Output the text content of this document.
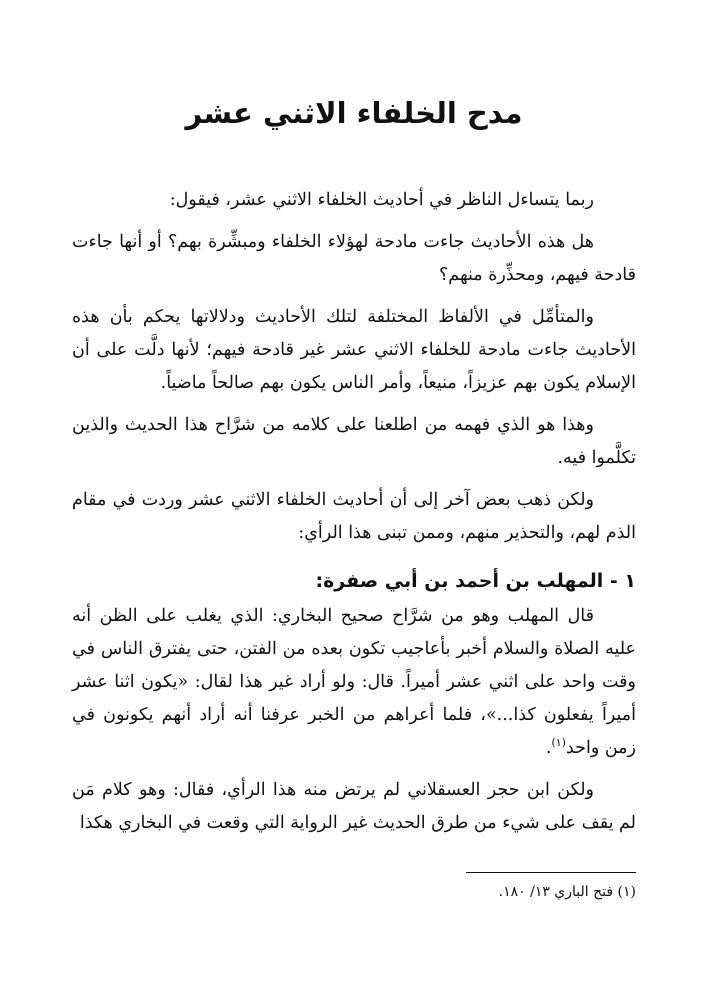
مدح الخلفاء الاثني عشر

ربما يتساءل الناظر في أحاديث الخلفاء الاثني عشر، فيقول:

هل هذه الأحاديث جاءت مادحة لهؤلاء الخلفاء ومبشِّرة بهم؟ أو أنها جاءت قادحة فيهم، ومحذِّرة منهم؟

والمتأمِّل في الألفاظ المختلفة لتلك الأحاديث ودلالاتها يحكم بأن هذه الأحاديث جاءت مادحة للخلفاء الاثني عشر غير قادحة فيهم؛ لأنها دلَّت على أن الإسلام يكون بهم عزيزاً، منيعاً، وأمر الناس يكون بهم صالحاً ماضياً.

وهذا هو الذي فهمه من اطلعنا على كلامه من شرَّاح هذا الحديث والذين تكلَّموا فيه.

ولكن ذهب بعض آخر إلى أن أحاديث الخلفاء الاثني عشر وردت في مقام الذم لهم، والتحذير منهم، وممن تبنى هذا الرأي:

١ - المهلب بن أحمد بن أبي صفرة:

قال المهلب وهو من شرَّاح صحيح البخاري: الذي يغلب على الظن أنه عليه الصلاة والسلام أخبر بأعاجيب تكون بعده من الفتن، حتى يفترق الناس في وقت واحد على اثني عشر أميراً. قال: ولو أراد غير هذا لقال: «يكون اثنا عشر أميراً يفعلون كذا...»، فلما أعراهم من الخبر عرفنا أنه أراد أنهم يكونون في زمن واحد$^{(١)}$.

ولكن ابن حجر العسقلاني لم يرتض منه هذا الرأي، فقال: وهو كلام مَن لم يقف على شيء من طرق الحديث غير الرواية التي وقعت في البخاري هكذا

(١) فتح الباري ١٣/ ١٨٠.
